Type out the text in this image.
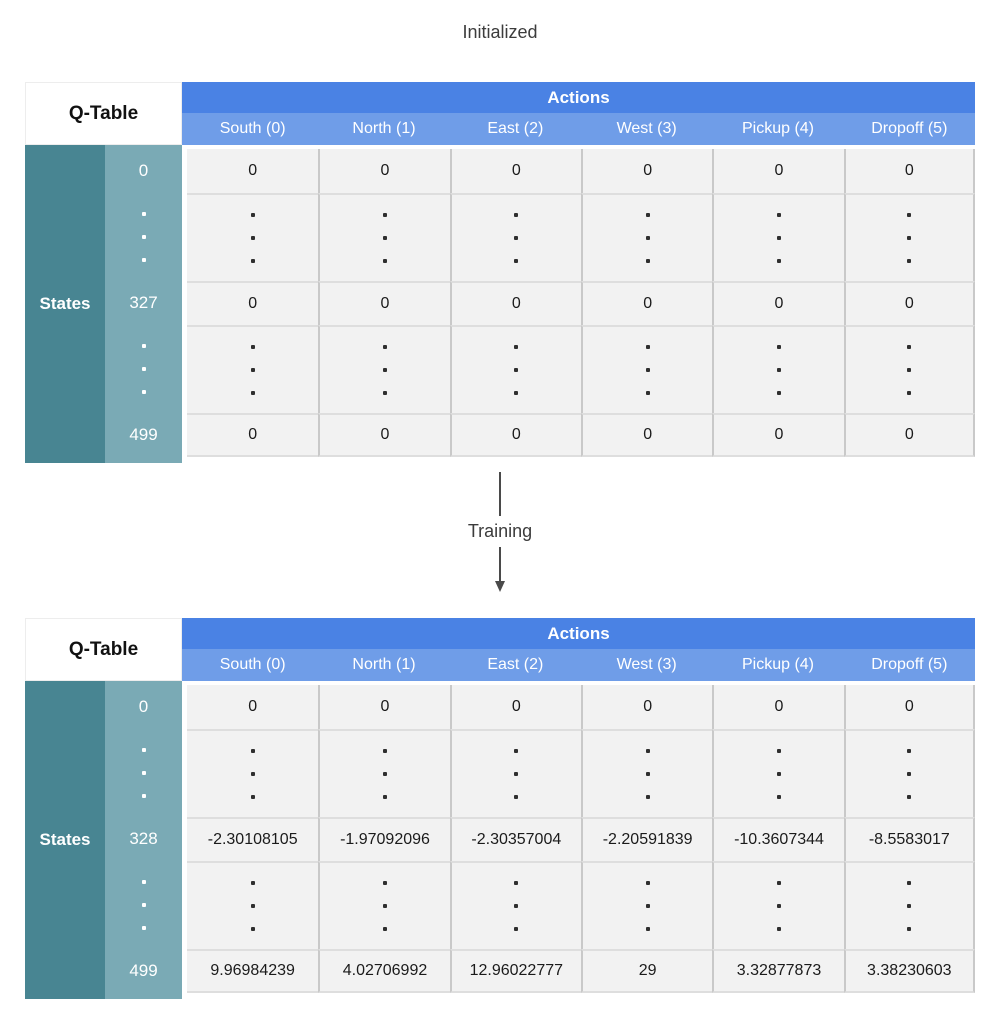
Initialized
Q-Table
Actions
South (0)	North (1)	East (2)	West (3)	Pickup (4)	Dropoff (5)
States
0	0	0	0	0	0	0
327	0	0	0	0	0	0
499	0	0	0	0	0	0
Training
Q-Table
Actions
South (0)	North (1)	East (2)	West (3)	Pickup (4)	Dropoff (5)
States
0	0	0	0	0	0	0
328	-2.30108105	-1.97092096	-2.30357004	-2.20591839	-10.3607344	-8.5583017
499	9.96984239	4.02706992	12.96022777	29	3.32877873	3.38230603
